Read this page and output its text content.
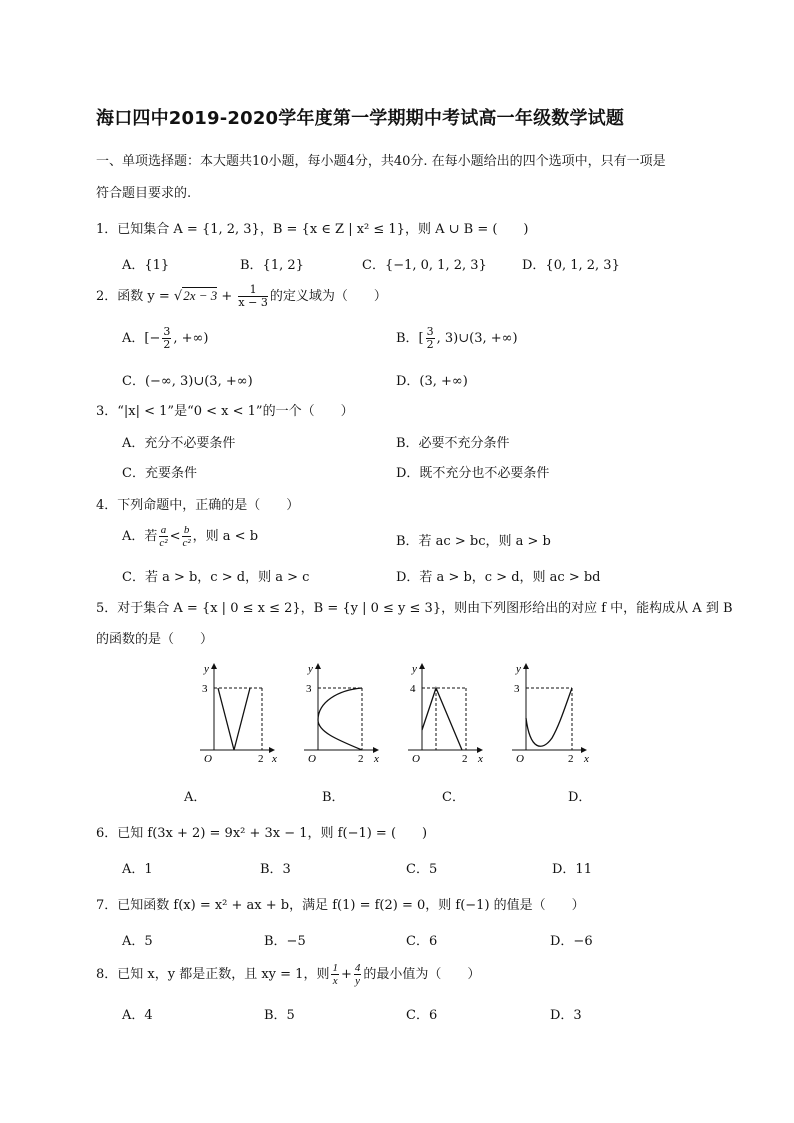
海口四中2019-2020学年度第一学期期中考试高一年级数学试题
一、单项选择题：本大题共10小题，每小题4分，共40分. 在每小题给出的四个选项中，只有一项是
符合题目要求的.
1．已知集合 A = {1, 2, 3}，B = {x ∈ Z | x² ≤ 1}，则 A ∪ B = (　　)
A．{1}	B．{1, 2}	C．{−1, 0, 1, 2, 3}	D．{0, 1, 2, 3}
2．函数 $y = √2x - 3 + \frac{1}{x - 3}$ 的定义域为（　　）
A．[− $\frac{3}{2}$ , +∞)	B．[ $\frac{3}{2}$ , 3)∪(3, +∞)
C．(−∞, 3)∪(3, +∞)	D．(3, +∞)
3．“|x| < 1”是“0 < x < 1”的一个（　　）
A．充分不必要条件	B．必要不充分条件
C．充要条件	D．既不充分也不必要条件
4．下列命题中，正确的是（　　）
A．若 $\frac{a}{\text{c²}} < \frac{b}{\text{c²}}$ ，则 a < b	B．若 ac > bc，则 a > b
C．若 a > b，c > d，则 a > c	D．若 a > b，c > d，则 ac > bd
5．对于集合 A = {x | 0 ≤ x ≤ 2}，B = {y | 0 ≤ y ≤ 3}，则由下列图形给出的对应 f 中，能构成从 A 到 B
的函数的是（　　）
3
y
O	2 x
3
y
O	2 x
4
y
O	2 x
3
y
O	2 x
A．	B．	C．	D．
6．已知 f(3x + 2) = 9x² + 3x − 1，则 f(−1) = (　　)
A．1	B．3	C．5	D．11
7．已知函数 f(x) = x² + ax + b，满足 f(1) = f(2) = 0，则 f(−1) 的值是（　　）
A．5	B．−5	C．6	D．−6
8．已知 x，y 都是正数，且 xy = 1，则 $\frac{1}{x} + \frac{4}{y}$ 的最小值为（　　）
A．4	B．5	C．6	D．3
